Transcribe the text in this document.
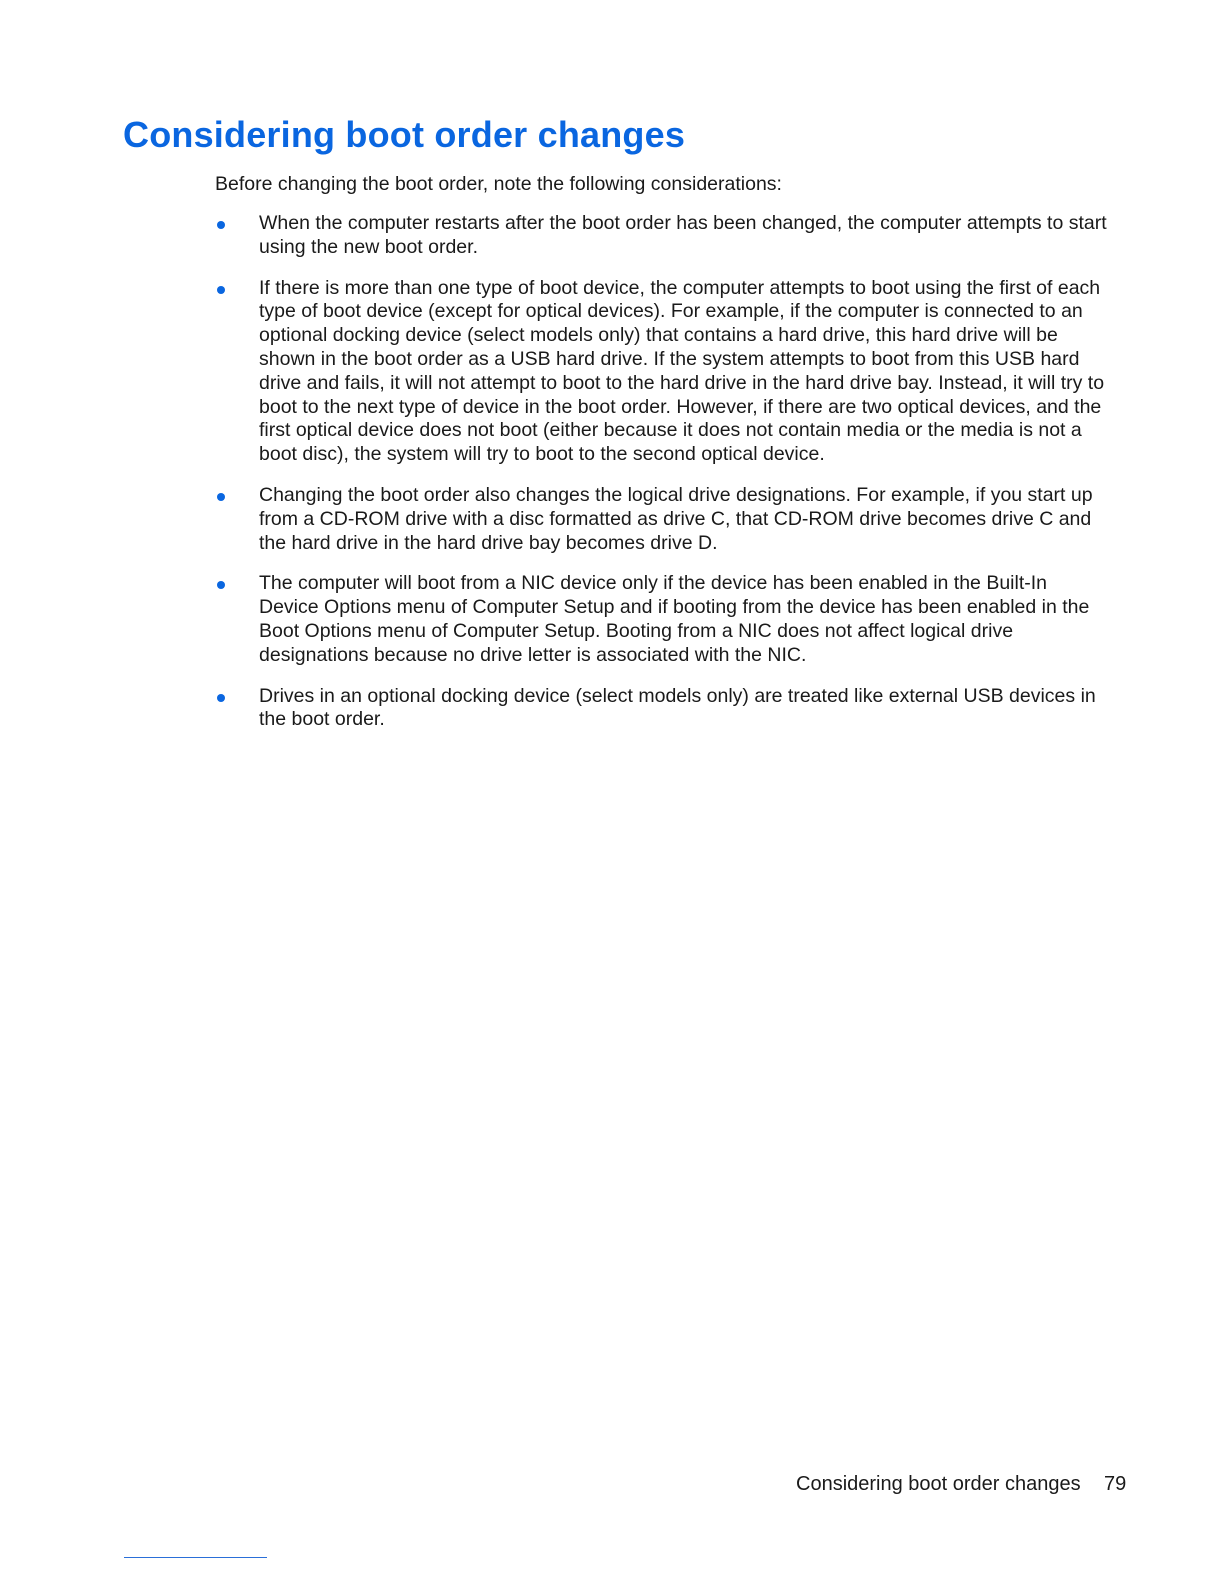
Considering boot order changes

Before changing the boot order, note the following considerations:

When the computer restarts after the boot order has been changed, the computer attempts to start using the new boot order.
If there is more than one type of boot device, the computer attempts to boot using the first of each type of boot device (except for optical devices). For example, if the computer is connected to an optional docking device (select models only) that contains a hard drive, this hard drive will be shown in the boot order as a USB hard drive. If the system attempts to boot from this USB hard drive and fails, it will not attempt to boot to the hard drive in the hard drive bay. Instead, it will try to boot to the next type of device in the boot order. However, if there are two optical devices, and the first optical device does not boot (either because it does not contain media or the media is not a boot disc), the system will try to boot to the second optical device.
Changing the boot order also changes the logical drive designations. For example, if you start up from a CD-ROM drive with a disc formatted as drive C, that CD-ROM drive becomes drive C and the hard drive in the hard drive bay becomes drive D.
The computer will boot from a NIC device only if the device has been enabled in the Built-In Device Options menu of Computer Setup and if booting from the device has been enabled in the Boot Options menu of Computer Setup. Booting from a NIC does not affect logical drive designations because no drive letter is associated with the NIC.
Drives in an optional docking device (select models only) are treated like external USB devices in the boot order.
Considering boot order changes 79
